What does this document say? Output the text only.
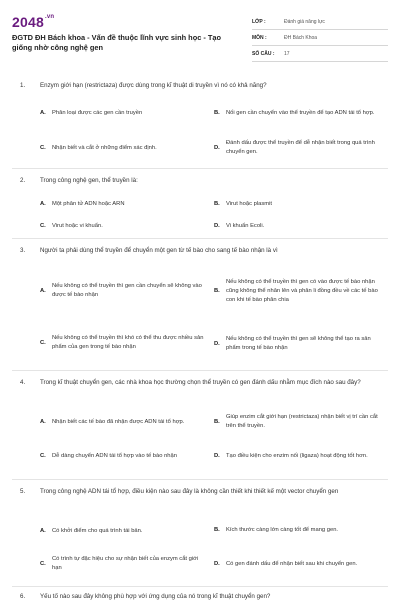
$2048^{.vn}$
ĐGTD ĐH Bách khoa - Vấn đề thuộc lĩnh vực sinh học - Tạo giống nhờ công nghệ gen
LỚP :	Đánh giá năng lực
MÔN :	ĐH Bách Khoa
SỐ CÂU :	17
1. Enzym giới hạn (restrictaza) được dùng trong kĩ thuật di truyền vì nó có khả năng?
A.	Phân loại được các gen cần truyền	B.	Nối gen cần chuyển vào thể truyền để tạo ADN tái tổ hợp.
C.	Nhận biết và cắt ở những điểm xác định.	D.
Đánh dấu được thể truyền để dễ nhận biết trong quá trình chuyển gen.
2. Trong công nghệ gen, thể truyền là:
A.	Một phân tử ADN hoặc ARN	B.	Virut hoặc plasmit
C.	Virut hoặc vi khuẩn.	D.	Vi khuẩn Ecoli.
3. Người ta phải dùng thể truyền để chuyển một gen từ tế bào cho sang tế bào nhận là vì
A.
Nếu không có thể truyền thì gen cần chuyển sẽ không vào được tế bào nhận
B.
Nếu không có thể truyền thì gen có vào được tế bào nhận cũng không thể nhân lên và phân li đồng đều về các tế bào con khi tế bào phân chia
C.
Nếu không có thể truyền thì khó có thể thu được nhiều sản phẩm của gen trong tế bào nhận
D.
Nếu không có thể truyền thì gen sẽ không thể tạo ra sản phẩm trong tế bào nhận
4. Trong kĩ thuật chuyển gen, các nhà khoa học thường chọn thể truyền có gen đánh dấu nhằm mục đích nào sau đây?
A.	Nhận biết các tế bào đã nhận được ADN tái tổ hợp.	B.
Giúp enzim cắt giới hạn (restrictaza) nhận biết vị trí cần cắt trên thể truyền.
C.	Dễ dàng chuyển ADN tái tổ hợp vào tế bào nhận	D.	Tạo điều kiện cho enzim nối (ligaza) hoạt động tốt hơn.
5. Trong công nghệ ADN tái tổ hợp, điều kiện nào sau đây là không cần thiết khi thiết kế một vector chuyển gen
A.	Có khởi điểm cho quá trình tái bản.	B.	Kích thước càng lớn càng tốt để mang gen.
C.
Có trình tự đặc hiệu cho sự nhận biết của enzym cắt giới hạn
D.	Có gen đánh dấu để nhận biết sau khi chuyển gen.
6. Yếu tố nào sau đây không phù hợp với ứng dụng của nó trong kĩ thuật chuyển gen?
